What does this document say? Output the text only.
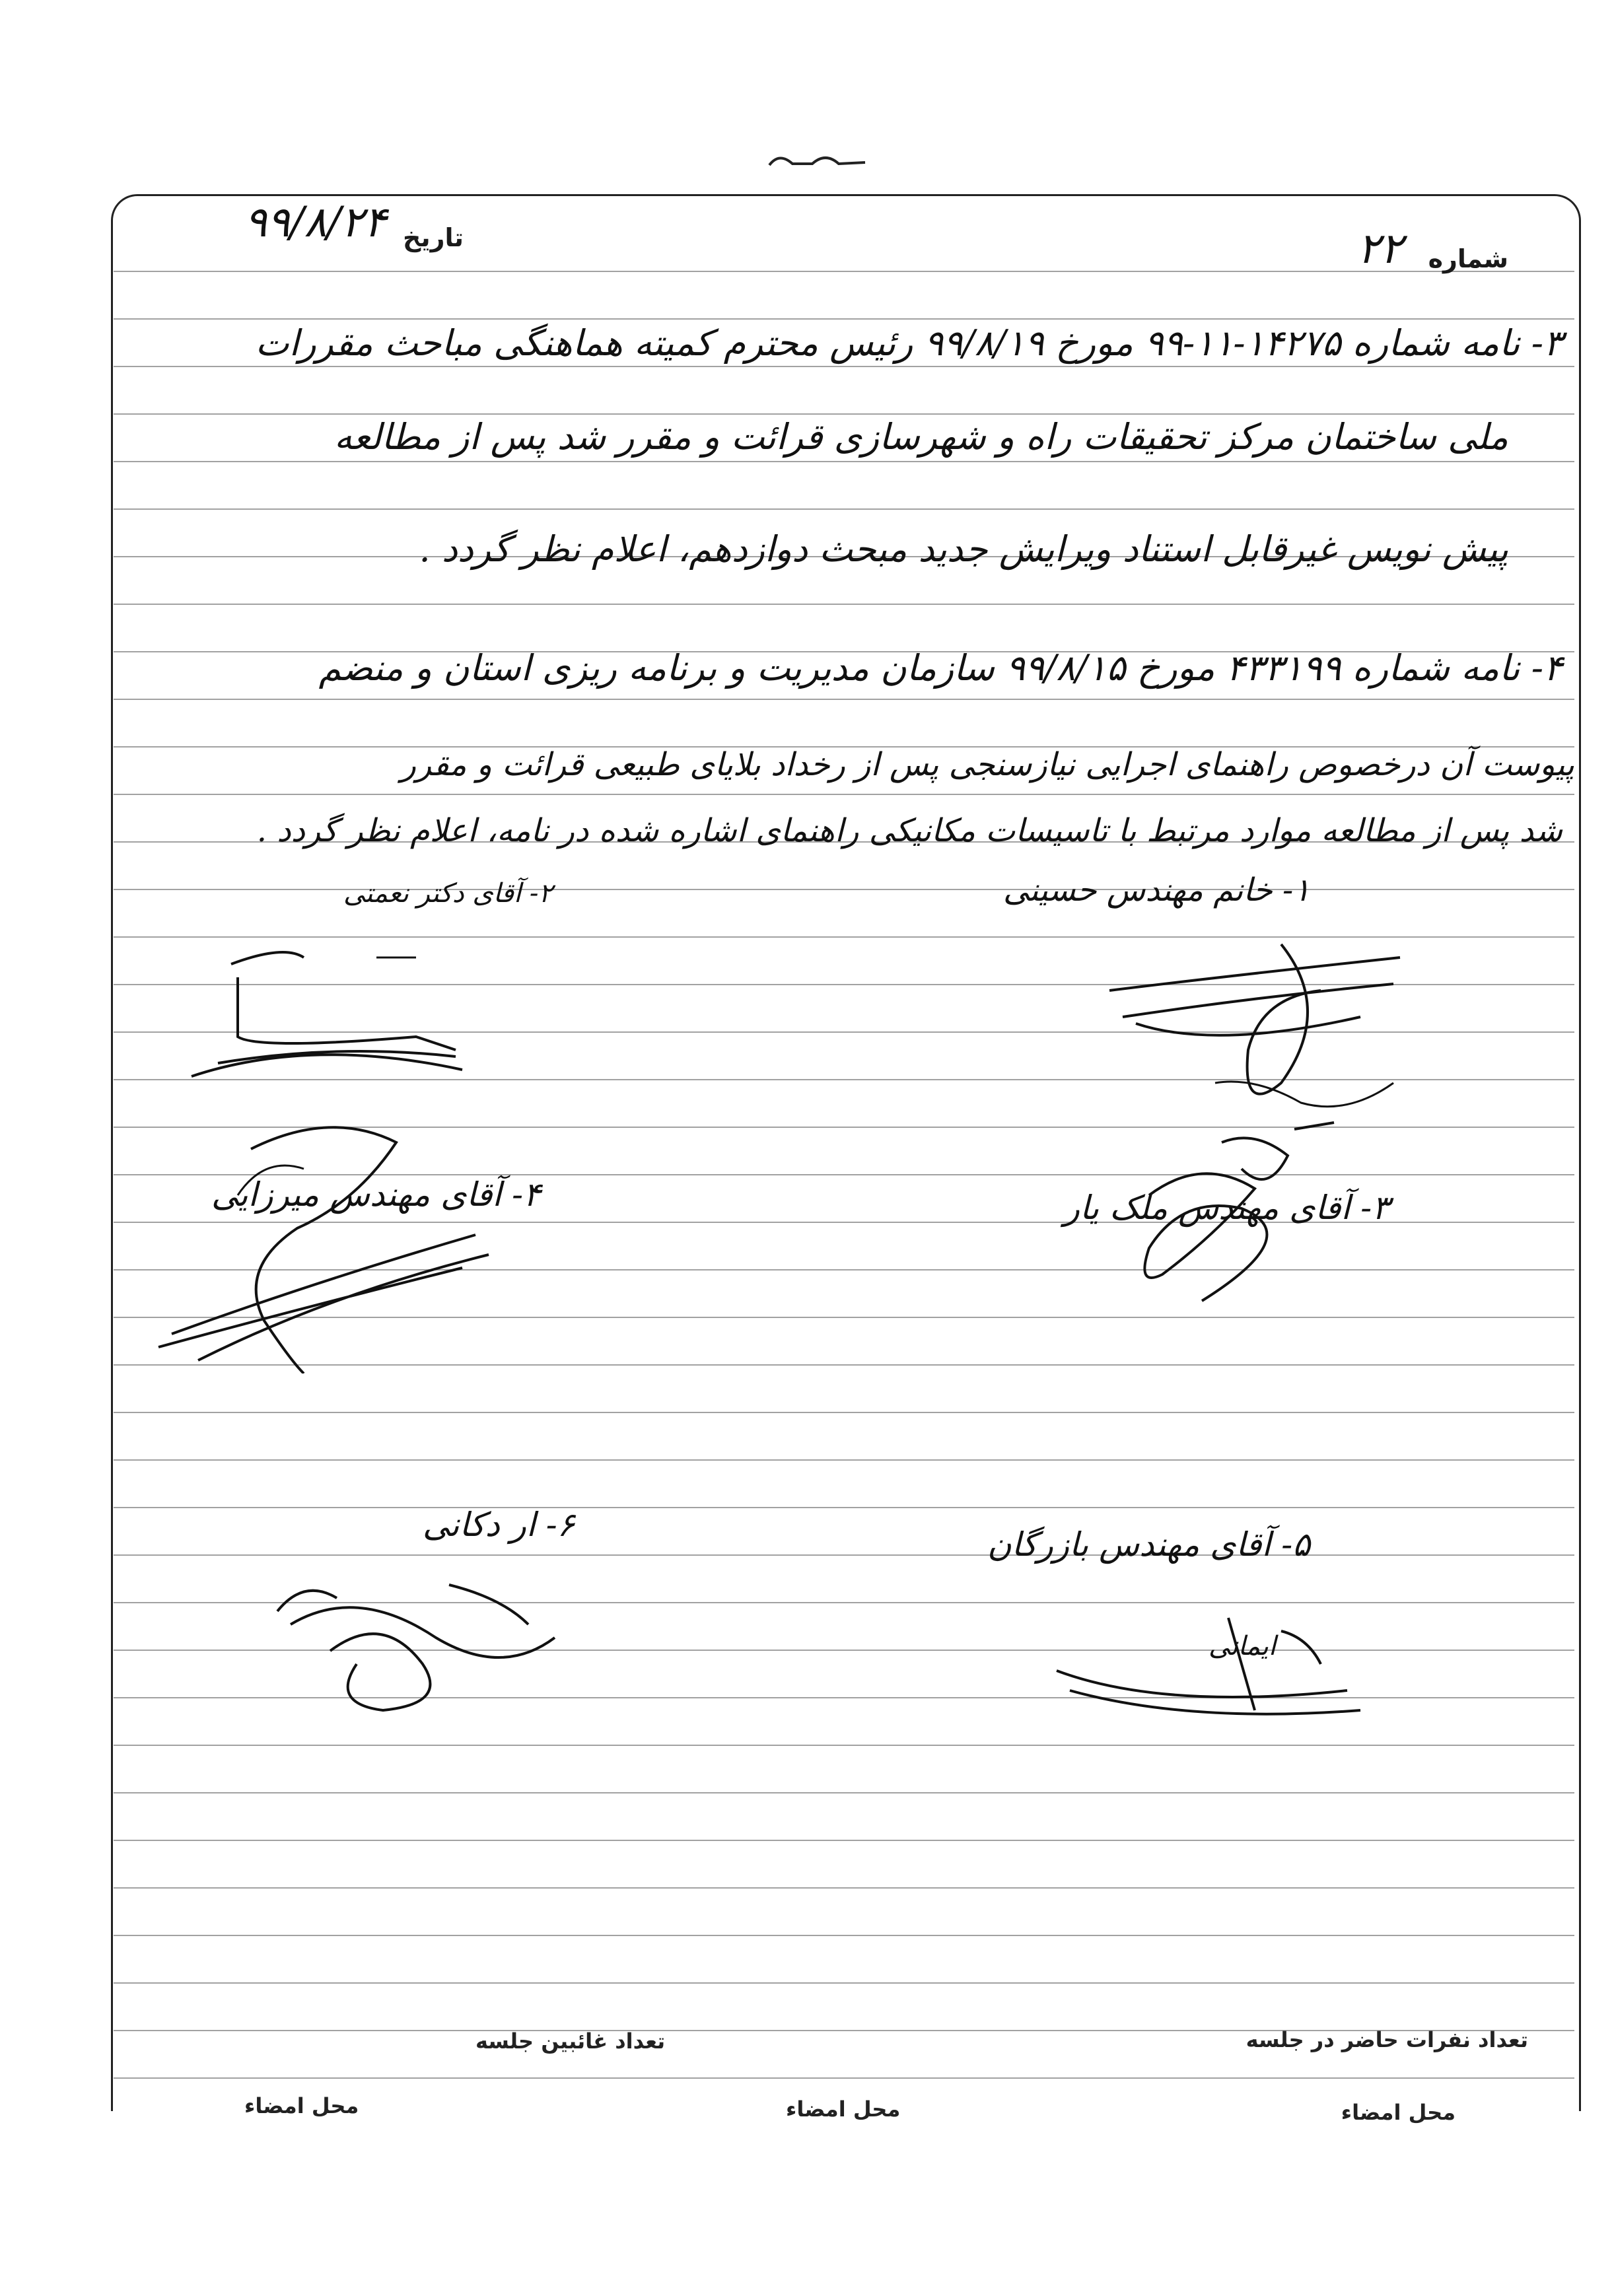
شماره
۲۲
تاریخ
۹۹/۸/۲۴
۳- نامه شماره ۱۴۲۷۵-۱۱-۹۹ مورخ ۹۹/۸/۱۹ رئیس محترم کمیته هماهنگی مباحث مقررات
ملی ساختمان مرکز تحقیقات راه و شهرسازی قرائت و مقرر شد پس از مطالعه
پیش نویس غیرقابل استناد ویرایش جدید مبحث دوازدهم، اعلام نظر گردد .
۴- نامه شماره ۴۳۳۱۹۹ مورخ ۹۹/۸/۱۵ سازمان مدیریت و برنامه ریزی استان و منضم
پیوست آن درخصوص راهنمای اجرایی نیازسنجی پس از رخداد بلایای طبیعی قرائت و مقرر
شد پس از مطالعه موارد مرتبط با تاسیسات مکانیکی راهنمای اشاره شده در نامه، اعلام نظر گردد .
۱- خانم مهندس حسینی
۲- آقای دکتر نعمتی
۳- آقای مهندس ملک یار
۴- آقای مهندس میرزایی
۵- آقای مهندس بازرگان
۶- ار دکانی
ایمانی
تعداد نفرات حاضر در جلسه
تعداد غائبین جلسه
محل امضاء	محل امضاء	محل امضاء
